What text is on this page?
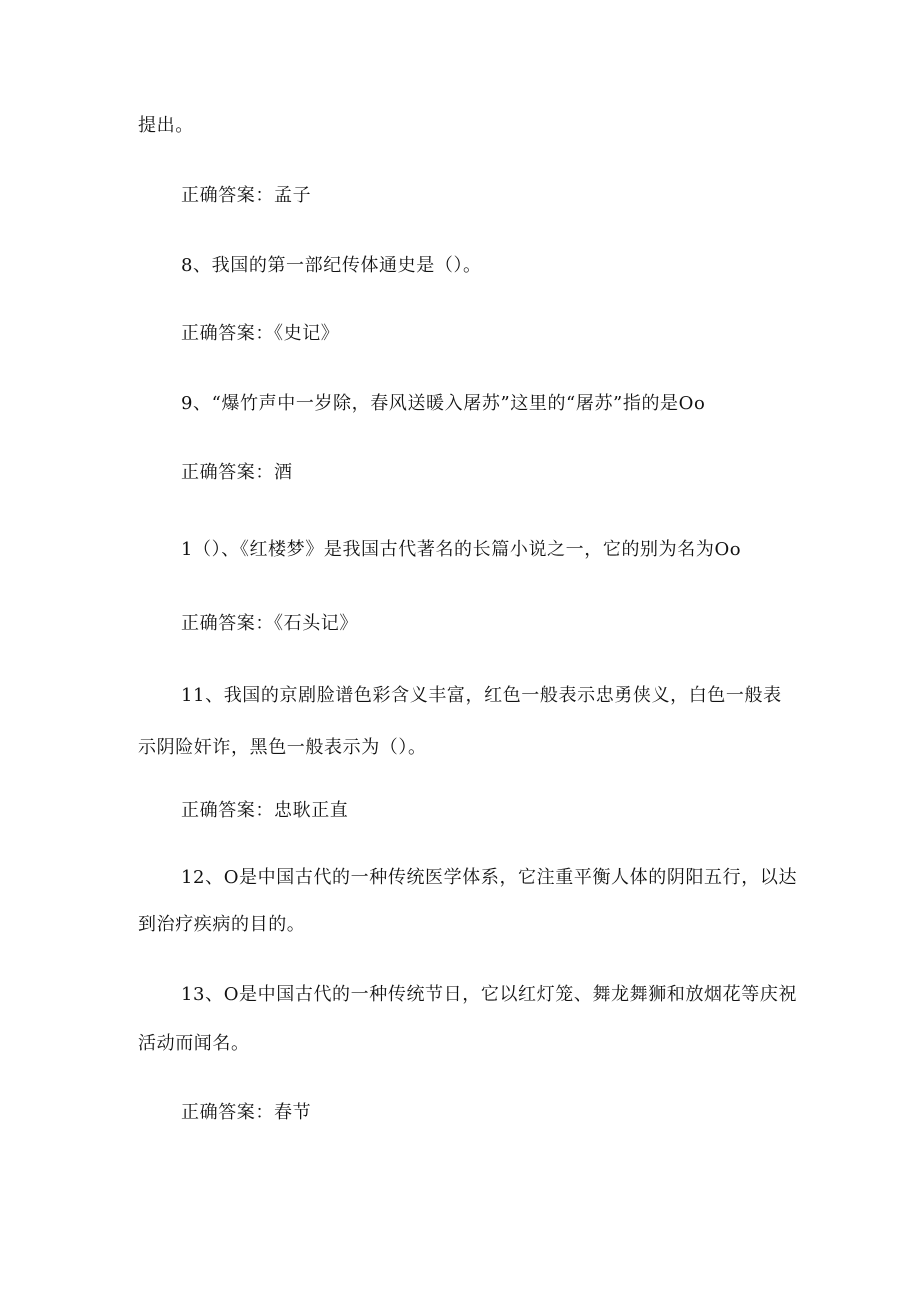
提出。
正确答案：孟子
8、我国的第一部纪传体通史是（）。
正确答案：《史记》
9、“爆竹声中一岁除，春风送暖入屠苏”这里的“屠苏”指的是Oo
正确答案：酒
1（）、《红楼梦》是我国古代著名的长篇小说之一，它的别为名为Oo
正确答案：《石头记》
11、我国的京剧脸谱色彩含义丰富，红色一般表示忠勇侠义，白色一般表
示阴险奸诈，黑色一般表示为（）。
正确答案：忠耿正直
12、O是中国古代的一种传统医学体系，它注重平衡人体的阴阳五行，以达
到治疗疾病的目的。
13、O是中国古代的一种传统节日，它以红灯笼、舞龙舞狮和放烟花等庆祝
活动而闻名。
正确答案：春节
